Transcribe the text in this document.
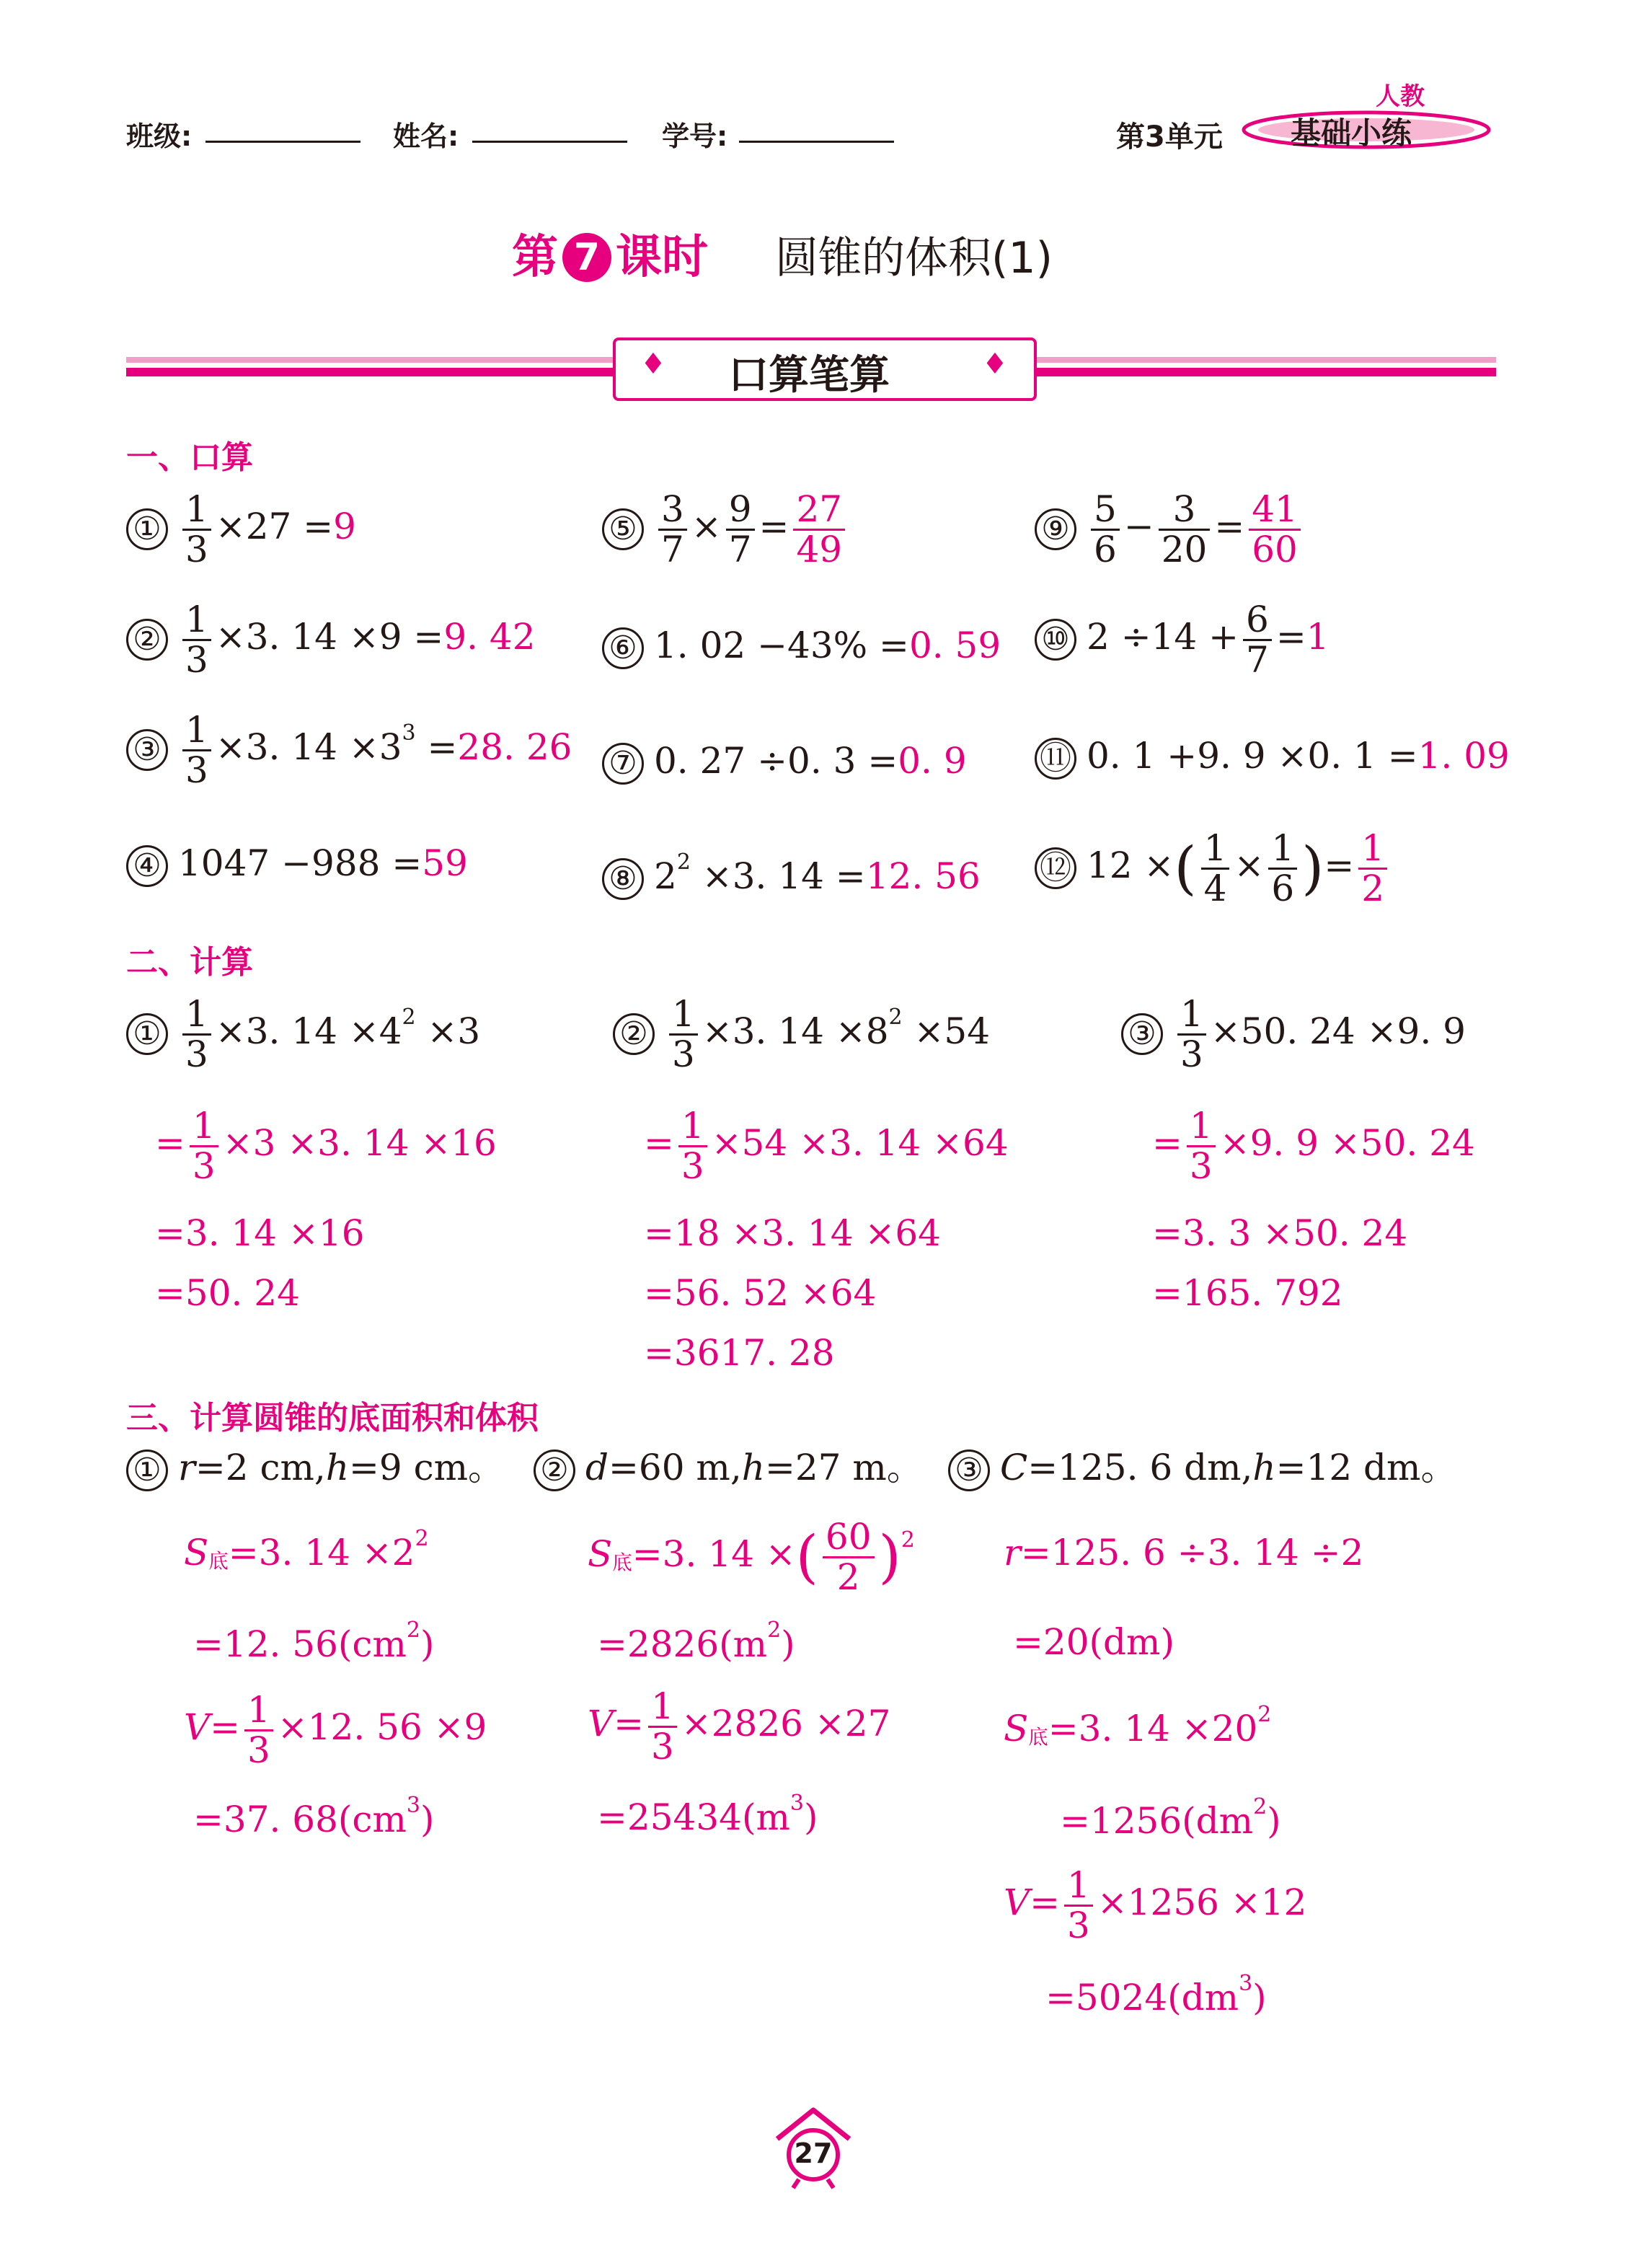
班级:	姓名:	学号:	第3单元
人教
基础小练
第 7 课时 圆锥的体积(1)
♦	♦
口算笔算
一、口算
① $\frac{1}{3} \times 27 =9$
② $\frac{1}{3} \times 3$. 14 ×9 =9. 42
③ $\frac{1}{3} \times 3$. $14 \times 3^3 =28$. 26
④ 1047 −988 =59
⑤ $\frac{3}{7} \times \frac{9}{7} = \frac{27}{49}$
⑥ 1. 02 −43% =0. 59
⑦ 0. 27 ÷0. 3 =0. 9
⑧ $2^2 \times 3$. 14 =12. 56
⑨ $\frac{5}{6} - \frac{3}{20} = \frac{41}{60}$
⑩ $2 \div 14 + \frac{6}{7} =1$
⑪ 0. 1 +9. 9 ×0. 1 =1. 09
⑫ 12 ×( $\frac{1}{4} \times \frac{1}{6}$ )= $\frac{1}{2}$
二、计算
① $\frac{1}{3} \times 3$. $14 \times 4^2 \times 3$
= $\frac{1}{3} \times 3 \times 3$. 14 ×16
=3. 14 ×16
=50. 24
② $\frac{1}{3} \times 3$. $14 \times 8^2 \times 54$
= $\frac{1}{3} \times 54 \times 3$. 14 ×64
=18 ×3. 14 ×64
=56. 52 ×64
=3617. 28
③ $\frac{1}{3} \times 50$. 24 ×9. 9
= $\frac{1}{3} \times 9$. 9 ×50. 24
=3. 3 ×50. 24
=165. 792
三、计算圆锥的底面积和体积
① r=2 cm,h=9 cm。 ② d=60 m,h=27 m。 ③ C=125. 6 dm,h=12 dm。
S底=3. $14 \times 2^2$
=12. $56(cm^2)$
$V= \frac{1}{3} \times 12$. 56 ×9
=37. $68(cm^3)$
S底=3. 14 ×( $\frac{60}{2} )^2$
$=2826(m^2)$
$V= \frac{1}{3} \times 2826 \times 27$
$=25434(m^3)$
r=125. 6 ÷3. 14 ÷2
=20(dm)
S底=3. $14 \times 20^2$
$=1256(dm^2)$
$V= \frac{1}{3} \times 1256 \times 12$
$=5024(dm^3)$
27
